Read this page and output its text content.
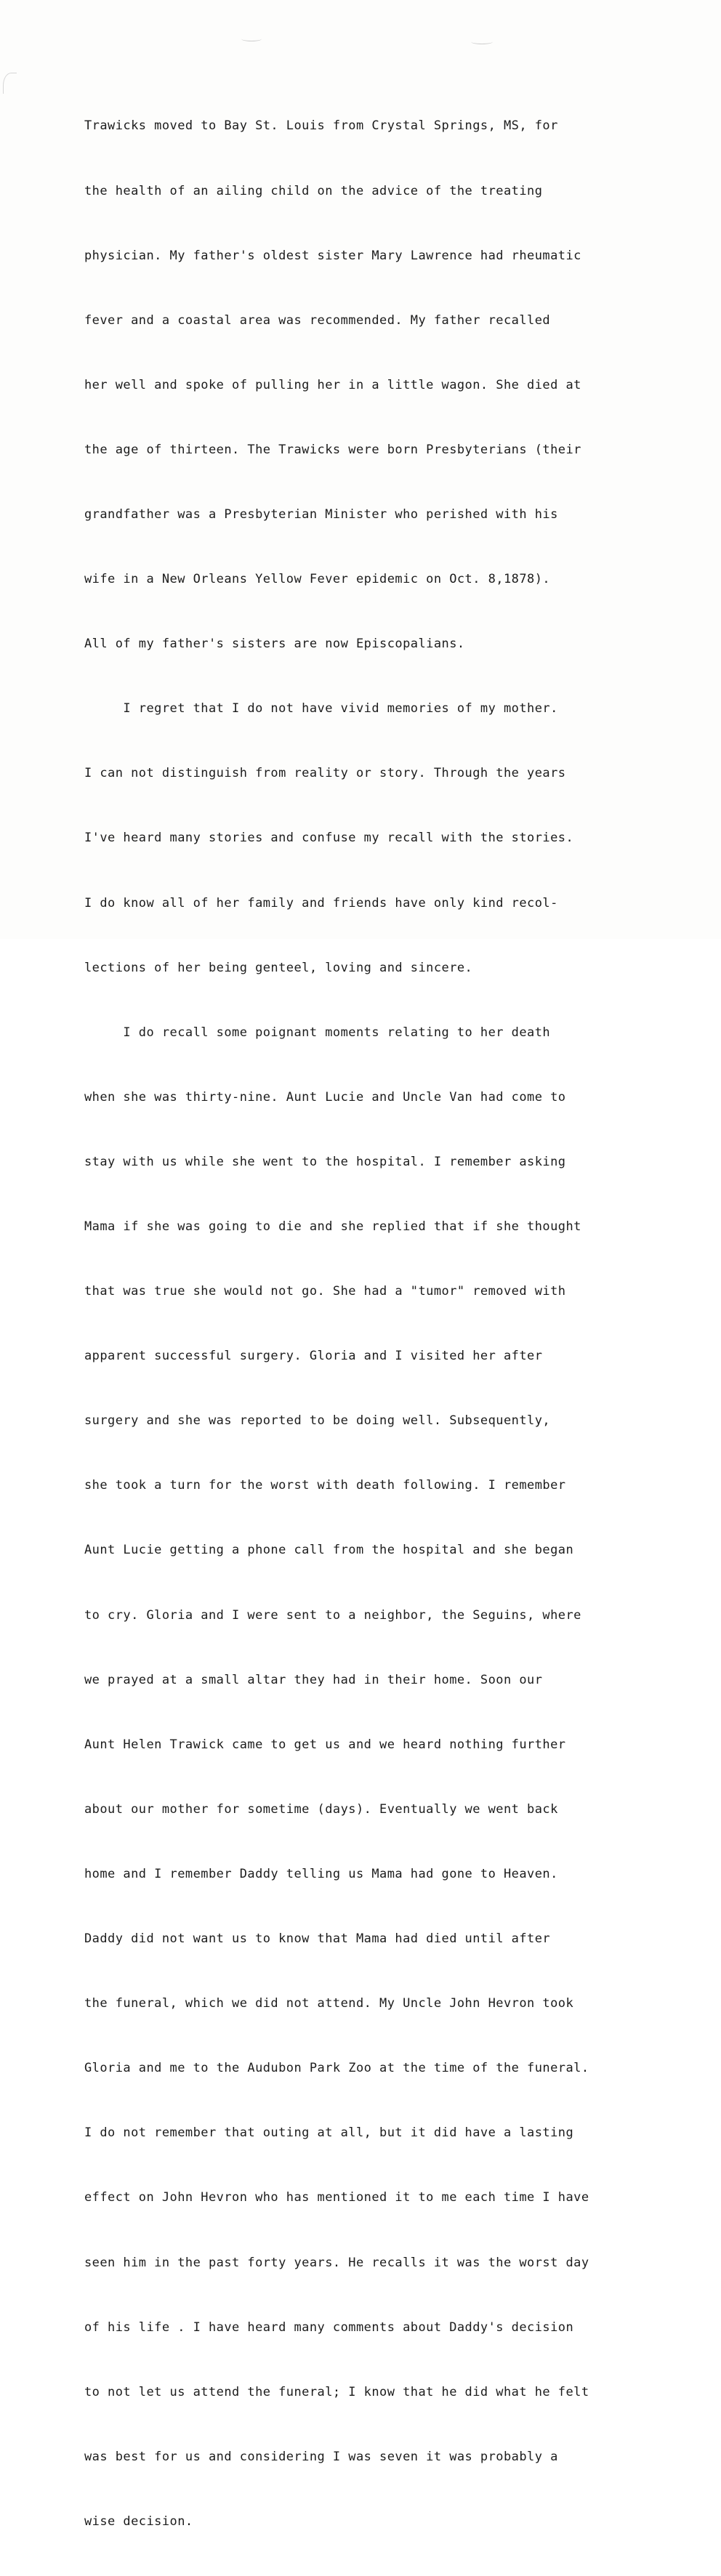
Trawicks moved to Bay St. Louis from Crystal Springs, MS, for

the health of an ailing child on the advice of the treating

physician. My father's oldest sister Mary Lawrence had rheumatic

fever and a coastal area was recommended. My father recalled

her well and spoke of pulling her in a little wagon. She died at

the age of thirteen. The Trawicks were born Presbyterians (their

grandfather was a Presbyterian Minister who perished with his

wife in a New Orleans Yellow Fever epidemic on Oct. 8,1878).

All of my father's sisters are now Episcopalians.

I regret that I do not have vivid memories of my mother.

I can not distinguish from reality or story. Through the years

I've heard many stories and confuse my recall with the stories.

I do know all of her family and friends have only kind recol-

lections of her being genteel, loving and sincere.

I do recall some poignant moments relating to her death

when she was thirty-nine. Aunt Lucie and Uncle Van had come to

stay with us while she went to the hospital. I remember asking

Mama if she was going to die and she replied that if she thought

that was true she would not go. She had a "tumor" removed with

apparent successful surgery. Gloria and I visited her after

surgery and she was reported to be doing well. Subsequently,

she took a turn for the worst with death following. I remember

Aunt Lucie getting a phone call from the hospital and she began

to cry. Gloria and I were sent to a neighbor, the Seguins, where

we prayed at a small altar they had in their home. Soon our

Aunt Helen Trawick came to get us and we heard nothing further

about our mother for sometime (days). Eventually we went back

home and I remember Daddy telling us Mama had gone to Heaven.

Daddy did not want us to know that Mama had died until after

the funeral, which we did not attend. My Uncle John Hevron took

Gloria and me to the Audubon Park Zoo at the time of the funeral.

I do not remember that outing at all, but it did have a lasting

effect on John Hevron who has mentioned it to me each time I have

seen him in the past forty years. He recalls it was the worst day

of his life . I have heard many comments about Daddy's decision

to not let us attend the funeral; I know that he did what he felt

was best for us and considering I was seven it was probably a

wise decision.
